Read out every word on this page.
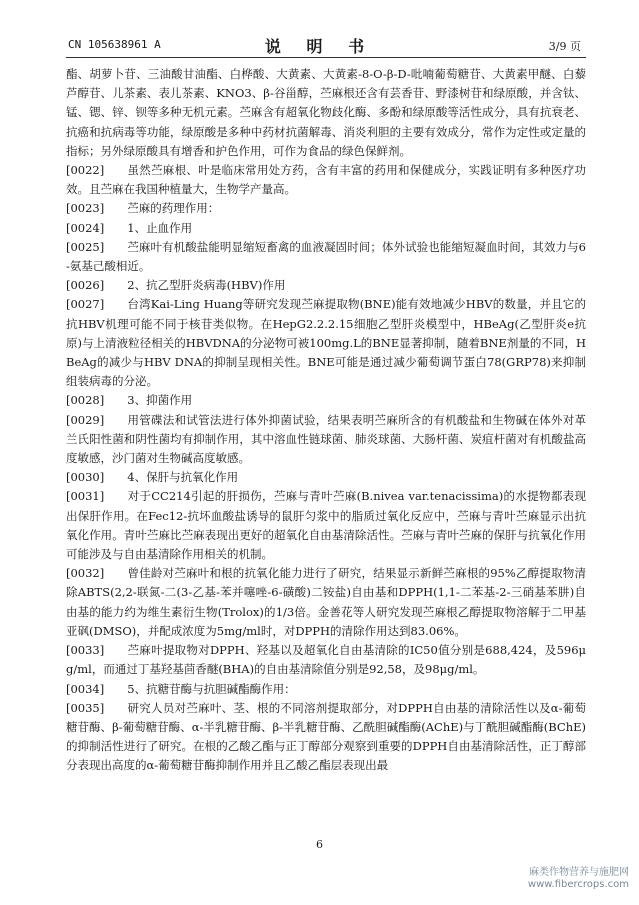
CN 105638961 A	说 明 书	3/9 页

酯、胡萝卜苷、三油酸甘油酯、白桦酸、大黄素、大黄素-8-O-β-D-吡喃葡萄糖苷、大黄素甲醚、白藜芦醇苷、儿茶素、表儿茶素、KNO3、β-谷甾醇，苎麻根还含有芸香苷、野漆树苷和绿原酸，并含钛、锰、锶、锌、钡等多种无机元素。苎麻含有超氧化物歧化酶、多酚和绿原酸等活性成分，具有抗衰老、抗癌和抗病毒等功能，绿原酸是多种中药材抗菌解毒、消炎利胆的主要有效成分，常作为定性或定量的指标；另外绿原酸具有增香和护色作用，可作为食品的绿色保鲜剂。

[0022]   虽然苎麻根、叶是临床常用处方药，含有丰富的药用和保健成分，实践证明有多种医疗功效。且苎麻在我国种植量大，生物学产量高。

[0023]   苎麻的药理作用：

[0024]   1、止血作用

[0025]   苎麻叶有机酸盐能明显缩短畜禽的血液凝固时间；体外试验也能缩短凝血时间，其效力与6-氨基己酸相近。

[0026]   2、抗乙型肝炎病毒(HBV)作用

[0027]   台湾Kai-Ling Huang等研究发现苎麻提取物(BNE)能有效地减少HBV的数量，并且它的抗HBV机理可能不同于核苷类似物。在HepG2.2.2.15细胞乙型肝炎模型中，HBeAg(乙型肝炎e抗原)与上清液粒径相关的HBVDNA的分泌物可被100mg.L的BNE显著抑制，随着BNE剂量的不同，HBeAg的减少与HBV DNA的抑制呈现相关性。BNE可能是通过减少葡萄调节蛋白78(GRP78)来抑制组装病毒的分泌。

[0028]   3、抑菌作用

[0029]   用管碟法和试管法进行体外抑菌试验，结果表明苎麻所含的有机酸盐和生物碱在体外对革兰氏阳性菌和阴性菌均有抑制作用，其中溶血性链球菌、肺炎球菌、大肠杆菌、炭疽杆菌对有机酸盐高度敏感，沙门菌对生物碱高度敏感。

[0030]   4、保肝与抗氧化作用

[0031]   对于CC214引起的肝损伤，苎麻与青叶苎麻(B.nivea var.tenacissima)的水提物都表现出保肝作用。在Fec12-抗坏血酸盐诱导的鼠肝匀浆中的脂质过氧化反应中，苎麻与青叶苎麻显示出抗氧化作用。青叶苎麻比苎麻表现出更好的超氧化自由基清除活性。苎麻与青叶苎麻的保肝与抗氧化作用可能涉及与自由基清除作用相关的机制。

[0032]   曾佳龄对苎麻叶和根的抗氧化能力进行了研究，结果显示新鲜苎麻根的95%乙醇提取物清除ABTS(2,2-联氮-二(3-乙基-苯并噻唑-6-磺酸)二铵盐)自由基和DPPH(1,1-二苯基-2-三硝基苯肼)自由基的能力约为维生素衍生物(Trolox)的1/3倍。金善花等人研究发现苎麻根乙醇提取物溶解于二甲基亚砜(DMSO)，并配成浓度为5mg/ml时，对DPPH的清除作用达到83.06%。

[0033]   苎麻叶提取物对DPPH、羟基以及超氧化自由基清除的IC50值分别是688,424，及596μg/ml，而通过丁基羟基茴香醚(BHA)的自由基清除值分别是92,58，及98μg/ml。

[0034]   5、抗糖苷酶与抗胆碱酯酶作用：

[0035]   研究人员对苎麻叶、茎、根的不同溶剂提取部分，对DPPH自由基的清除活性以及α-葡萄糖苷酶、β-葡萄糖苷酶、α-半乳糖苷酶、β-半乳糖苷酶、乙酰胆碱酯酶(AChE)与丁酰胆碱酯酶(BChE)的抑制活性进行了研究。在根的乙酸乙酯与正丁醇部分观察到重要的DPPH自由基清除活性，正丁醇部分表现出高度的α-葡萄糖苷酶抑制作用并且乙酸乙酯层表现出最

6
麻类作物营养与施肥网
www.fibercrops.com
